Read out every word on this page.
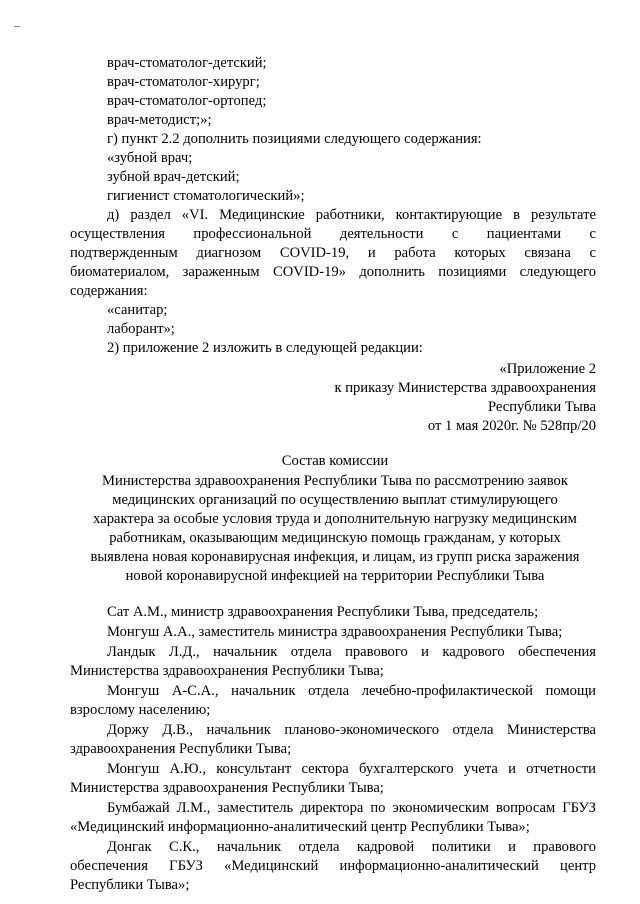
врач-стоматолог-детский;
врач-стоматолог-хирург;
врач-стоматолог-ортопед;
врач-методист;»;
г) пункт 2.2 дополнить позициями следующего содержания:
«зубной врач;
зубной врач-детский;
гигиенист стоматологический»;
д) раздел «VI. Медицинские работники, контактирующие в результате
осуществления профессиональной деятельности с пациентами с
подтвержденным диагнозом COVID-19, и работа которых связана с
биоматериалом, зараженным COVID-19» дополнить позициями следующего
содержания:
«санитар;
лаборант»;
2) приложение 2 изложить в следующей редакции:
«Приложение 2
к приказу Министерства здравоохранения
Республики Тыва
от 1 мая 2020г. № 528пр/20
Состав комиссии
Министерства здравоохранения Республики Тыва по рассмотрению заявок
медицинских организаций по осуществлению выплат стимулирующего
характера за особые условия труда и дополнительную нагрузку медицинским
работникам, оказывающим медицинскую помощь гражданам, у которых
выявлена новая коронавирусная инфекция, и лицам, из групп риска заражения
новой коронавирусной инфекцией на территории Республики Тыва
Сат А.М., министр здравоохранения Республики Тыва, председатель;
Монгуш А.А., заместитель министра здравоохранения Республики Тыва;
Ландык Л.Д., начальник отдела правового и кадрового обеспечения
Министерства здравоохранения Республики Тыва;
Монгуш А-С.А., начальник отдела лечебно-профилактической помощи
взрослому населению;
Доржу Д.В., начальник планово-экономического отдела Министерства
здравоохранения Республики Тыва;
Монгуш А.Ю., консультант сектора бухгалтерского учета и отчетности
Министерства здравоохранения Республики Тыва;
Бумбажай Л.М., заместитель директора по экономическим вопросам ГБУЗ
«Медицинский информационно-аналитический центр Республики Тыва»;
Донгак С.К., начальник отдела кадровой политики и правового
обеспечения ГБУЗ «Медицинский информационно-аналитический центр
Республики Тыва»;
